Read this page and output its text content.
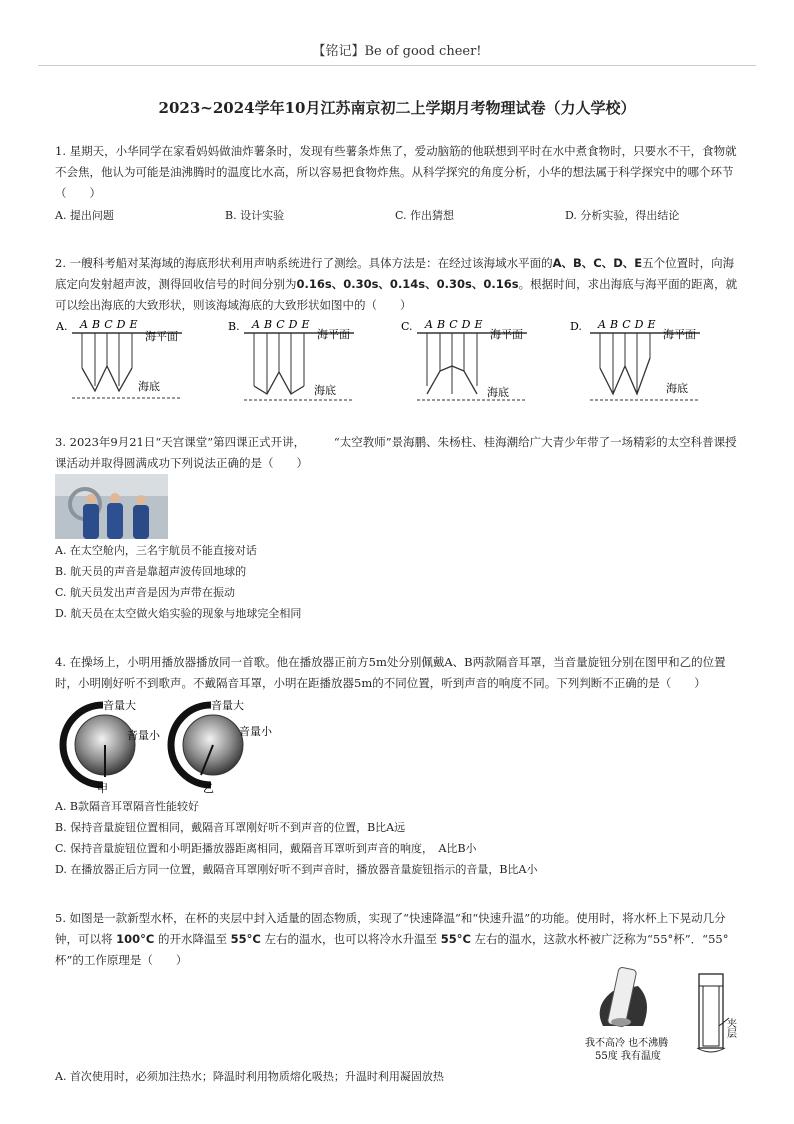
【铭记】Be of good cheer!
2023~2024学年10月江苏南京初二上学期月考物理试卷（力人学校）

1. 星期天，小华同学在家看妈妈做油炸薯条时，发现有些薯条炸焦了，爱动脑筋的他联想到平时在水中煮食物时，只要水不干，食物就不会焦，他认为可能是油沸腾时的温度比水高，所以容易把食物炸焦。从科学探究的角度分析，小华的想法属于科学探究中的哪个环节（　　）

A. 提出问题	B. 设计实验	C. 作出猜想	D. 分析实验，得出结论

2. 一艘科考船对某海域的海底形状利用声呐系统进行了测绘。具体方法是：在经过该海域水平面的A、B、C、D、E五个位置时，向海底定向发射超声波，测得回收信号的时间分别为0.16s、0.30s、0.14s、0.30s、0.16s。根据时间，求出海底与海平面的距离，就可以绘出海底的大致形状，则该海域海底的大致形状如图中的（　　）

A. ABCDE
海平面
海底
B. ABCDE
海平面
海底
C. ABCDE
海平面
海底
D. ABCDE
海平面
海底

3. 2023年9月21日“天宫课堂”第四课正式开讲，　　　“太空教师”景海鹏、朱杨柱、桂海潮给广大青少年带了一场精彩的太空科普课授课活动并取得圆满成功下列说法正确的是（　　）

A. 在太空舱内，三名宇航员不能直接对话
B. 航天员的声音是靠超声波传回地球的
C. 航天员发出声音是因为声带在振动
D. 航天员在太空做火焰实验的现象与地球完全相同

4. 在操场上，小明用播放器播放同一首歌。他在播放器正前方5m处分别佩戴A、B两款隔音耳罩，当音量旋钮分别在图甲和乙的位置时，小明刚好听不到歌声。不戴隔音耳罩，小明在距播放器5m的不同位置，听到声音的响度不同。下列判断不正确的是（　　）

音量大
音量小
甲
音量大
音量小
乙
A. B款隔音耳罩隔音性能较好
B. 保持音量旋钮位置相同，戴隔音耳罩刚好听不到声音的位置，B比A远
C. 保持音量旋钮位置和小明距播放器距离相同，戴隔音耳罩听到声音的响度，　A比B小
D. 在播放器正后方同一位置，戴隔音耳罩刚好听不到声音时，播放器音量旋钮指示的音量，B比A小

5. 如图是一款新型水杯，在杯的夹层中封入适量的固态物质，实现了“快速降温”和“快速升温”的功能。使用时，将水杯上下晃动几分钟，可以将 100°C 的开水降温至 55°C 左右的温水，也可以将冷水升温至 55°C 左右的温水，这款水杯被广泛称为“55°杯”．“55°杯”的工作原理是（　　）

我不高冷 也不沸腾
55度 我有温度
夹层
A. 首次使用时，必须加注热水；降温时利用物质熔化吸热；升温时利用凝固放热
